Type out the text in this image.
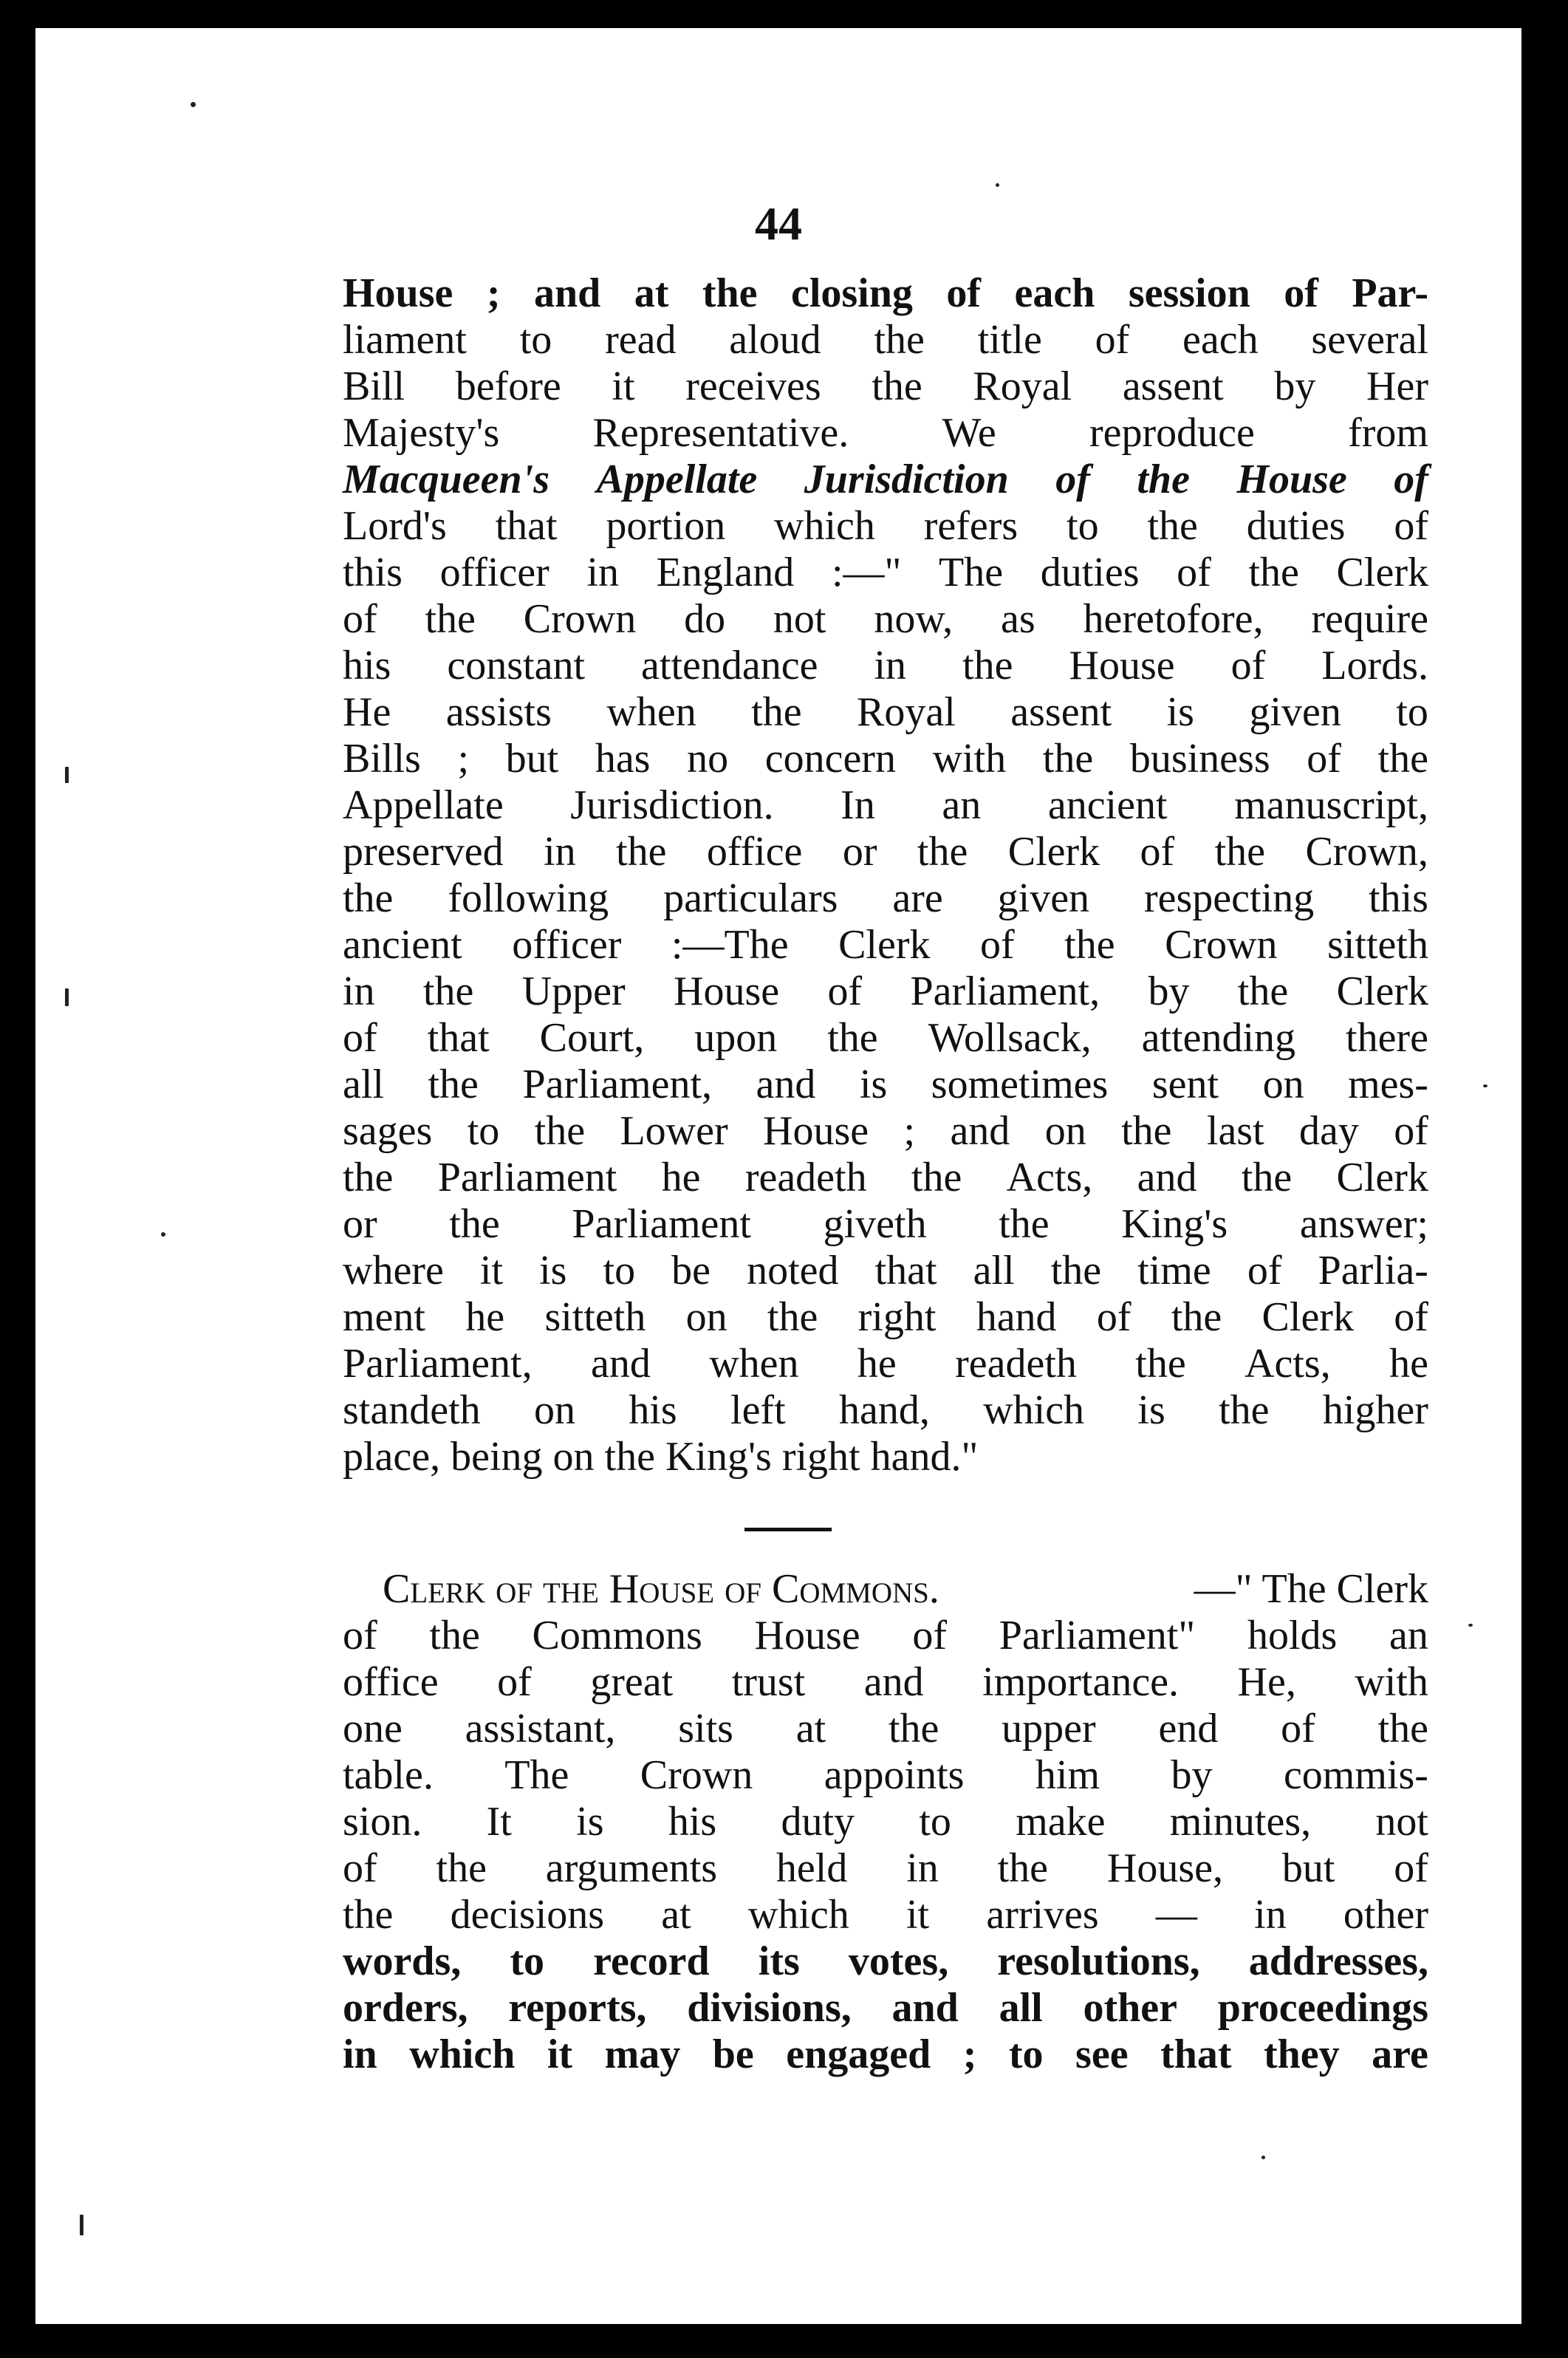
44
House ; and at the closing of each session of Par-
liament to read aloud the title of each several
Bill before it receives the Royal assent by Her
Majesty's Representative. We reproduce from
Macqueen's Appellate Jurisdiction of the House of
Lord's that portion which refers to the duties of
this officer in England :—" The duties of the Clerk
of the Crown do not now, as heretofore, require
his constant attendance in the House of Lords.
He assists when the Royal assent is given to
Bills ; but has no concern with the business of the
Appellate Jurisdiction. In an ancient manuscript,
preserved in the office or the Clerk of the Crown,
the following particulars are given respecting this
ancient officer :—The Clerk of the Crown sitteth
in the Upper House of Parliament, by the Clerk
of that Court, upon the Wollsack, attending there
all the Parliament, and is sometimes sent on mes-
sages to the Lower House ; and on the last day of
the Parliament he readeth the Acts, and the Clerk
or the Parliament giveth the King's answer;
where it is to be noted that all the time of Parlia-
ment he sitteth on the right hand of the Clerk of
Parliament, and when he readeth the Acts, he
standeth on his left hand, which is the higher
place, being on the King's right hand."
Clerk of the House of Commons.	—" The Clerk
of the Commons House of Parliament" holds an
office of great trust and importance. He, with
one assistant, sits at the upper end of the
table. The Crown appoints him by commis-
sion. It is his duty to make minutes, not
of the arguments held in the House, but of
the decisions at which it arrives — in other
words, to record its votes, resolutions, addresses,
orders, reports, divisions, and all other proceedings
in which it may be engaged ; to see that they are
